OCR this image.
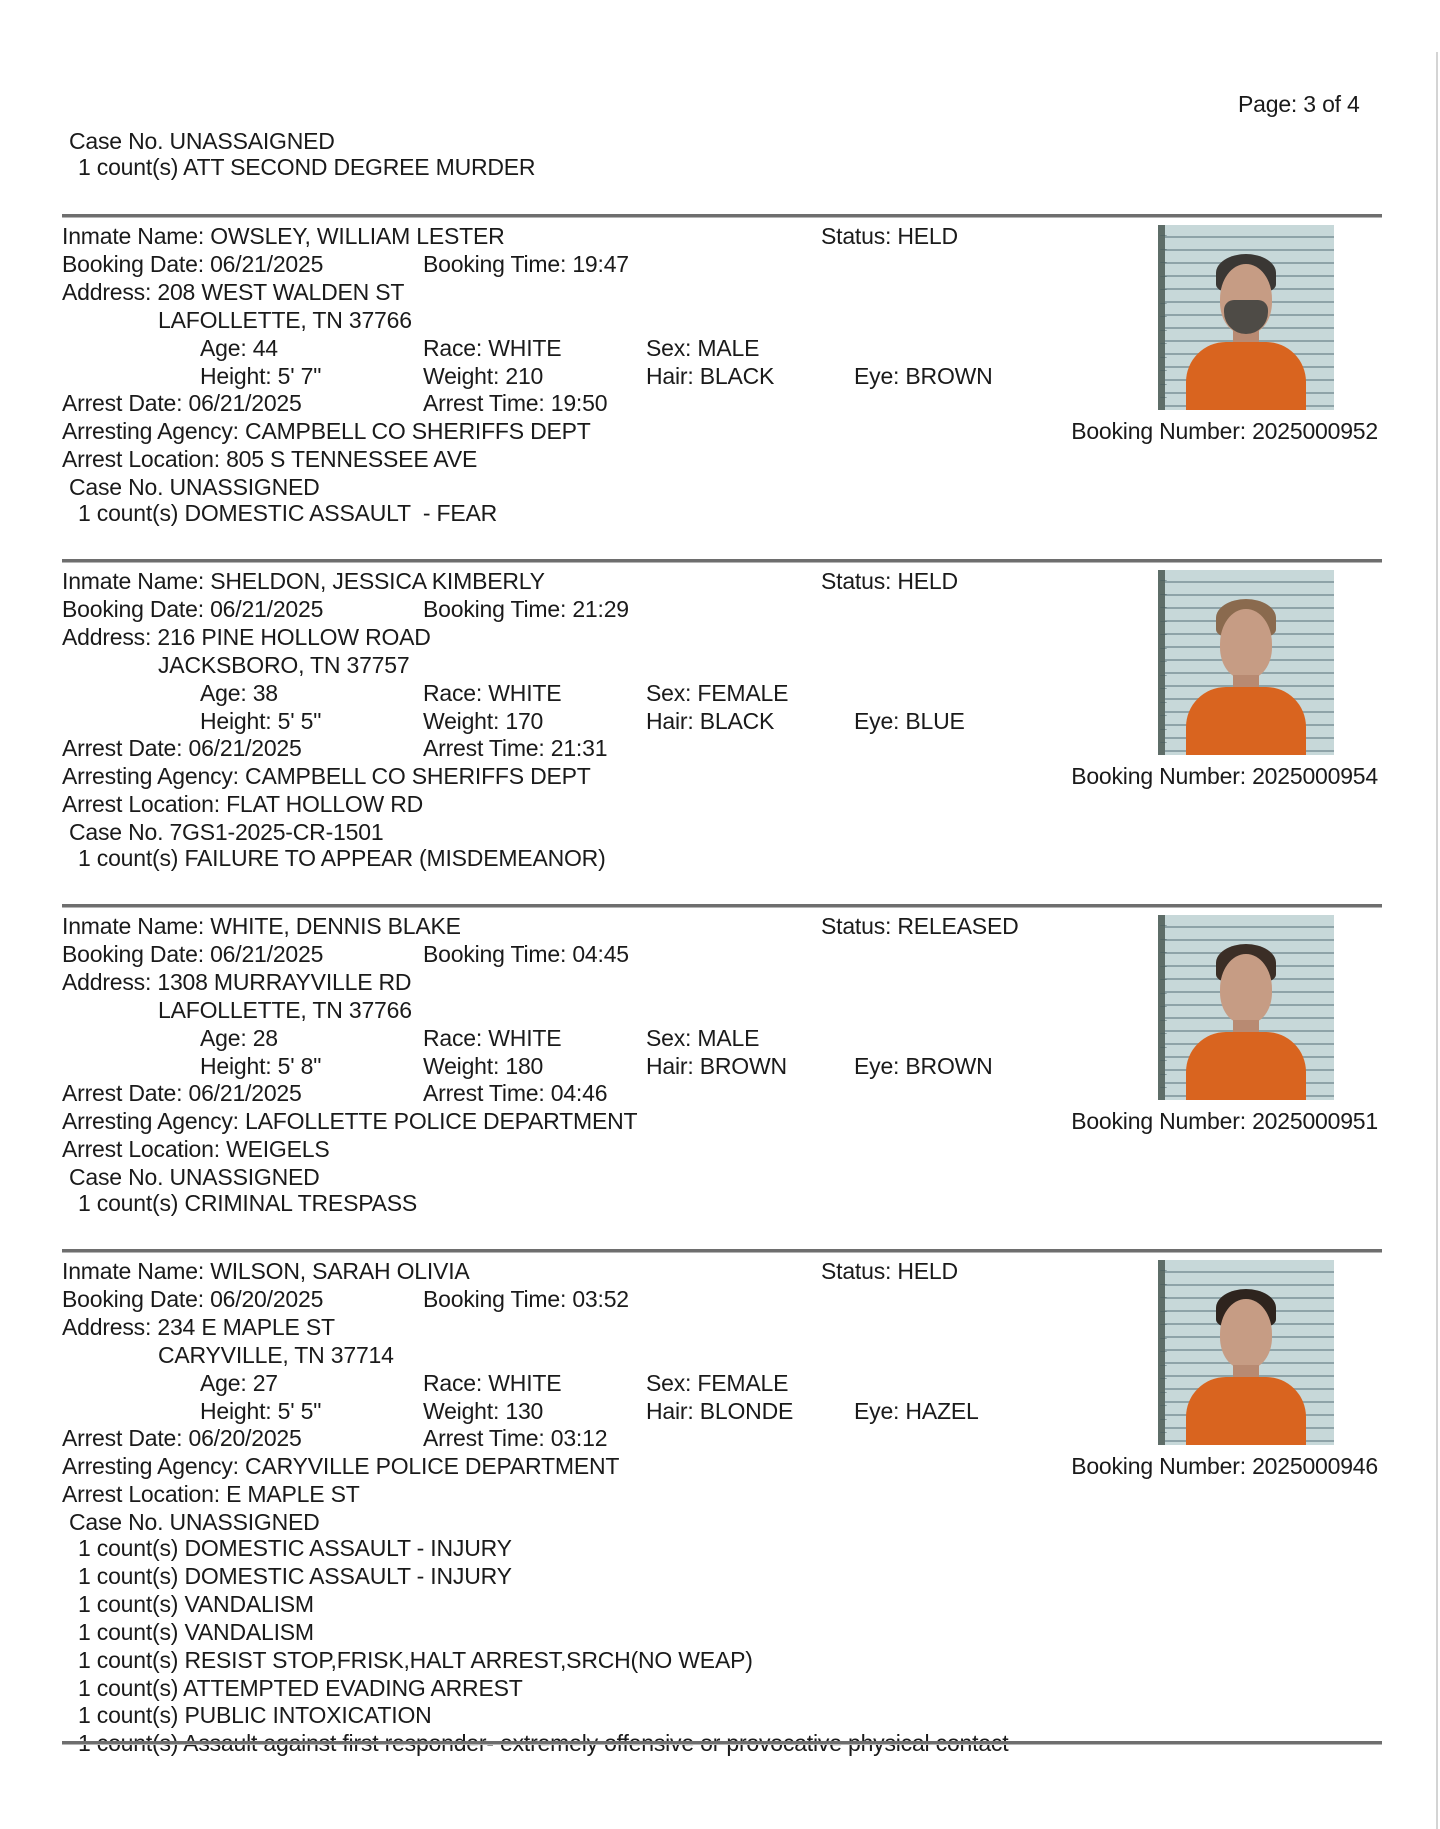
Page: 3 of 4
Case No. UNASSAIGNED
1 count(s) ATT SECOND DEGREE MURDER
Inmate Name: OWSLEY, WILLIAM LESTER	Status: HELD
Booking Date: 06/21/2025	Booking Time: 19:47
Address: 208 WEST WALDEN ST
LAFOLLETTE, TN 37766
Age: 44	Race: WHITE	Sex: MALE
Height: 5' 7"	Weight: 210	Hair: BLACK	Eye: BROWN
Arrest Date: 06/21/2025	Arrest Time: 19:50
Arresting Agency: CAMPBELL CO SHERIFFS DEPT	Booking Number: 2025000952
Arrest Location: 805 S TENNESSEE AVE
Case No. UNASSIGNED
1 count(s) DOMESTIC ASSAULT  - FEAR
—
—
—
—
—
—
—
—
—
—
—
—
—
Inmate Name: SHELDON, JESSICA KIMBERLY	Status: HELD
Booking Date: 06/21/2025	Booking Time: 21:29
Address: 216 PINE HOLLOW ROAD
JACKSBORO, TN 37757
Age: 38	Race: WHITE	Sex: FEMALE
Height: 5' 5"	Weight: 170	Hair: BLACK	Eye: BLUE
Arrest Date: 06/21/2025	Arrest Time: 21:31
Arresting Agency: CAMPBELL CO SHERIFFS DEPT	Booking Number: 2025000954
Arrest Location: FLAT HOLLOW RD
Case No. 7GS1-2025-CR-1501
1 count(s) FAILURE TO APPEAR (MISDEMEANOR)
—
—
—
—
—
—
—
—
—
—
—
—
—
Inmate Name: WHITE, DENNIS BLAKE	Status: RELEASED
Booking Date: 06/21/2025	Booking Time: 04:45
Address: 1308 MURRAYVILLE RD
LAFOLLETTE, TN 37766
Age: 28	Race: WHITE	Sex: MALE
Height: 5' 8"	Weight: 180	Hair: BROWN	Eye: BROWN
Arrest Date: 06/21/2025	Arrest Time: 04:46
Arresting Agency: LAFOLLETTE POLICE DEPARTMENT	Booking Number: 2025000951
Arrest Location: WEIGELS
Case No. UNASSIGNED
1 count(s) CRIMINAL TRESPASS
—
—
—
—
—
—
—
—
—
—
—
—
—
Inmate Name: WILSON, SARAH OLIVIA	Status: HELD
Booking Date: 06/20/2025	Booking Time: 03:52
Address: 234 E MAPLE ST
CARYVILLE, TN 37714
Age: 27	Race: WHITE	Sex: FEMALE
Height: 5' 5"	Weight: 130	Hair: BLONDE	Eye: HAZEL
Arrest Date: 06/20/2025	Arrest Time: 03:12
Arresting Agency: CARYVILLE POLICE DEPARTMENT	Booking Number: 2025000946
Arrest Location: E MAPLE ST
Case No. UNASSIGNED
1 count(s) DOMESTIC ASSAULT - INJURY
1 count(s) DOMESTIC ASSAULT - INJURY
1 count(s) VANDALISM
1 count(s) VANDALISM
1 count(s) RESIST STOP,FRISK,HALT ARREST,SRCH(NO WEAP)
1 count(s) ATTEMPTED EVADING ARREST
1 count(s) PUBLIC INTOXICATION
—
—
—
—
—
—
—
—
—
—
—
—
—
